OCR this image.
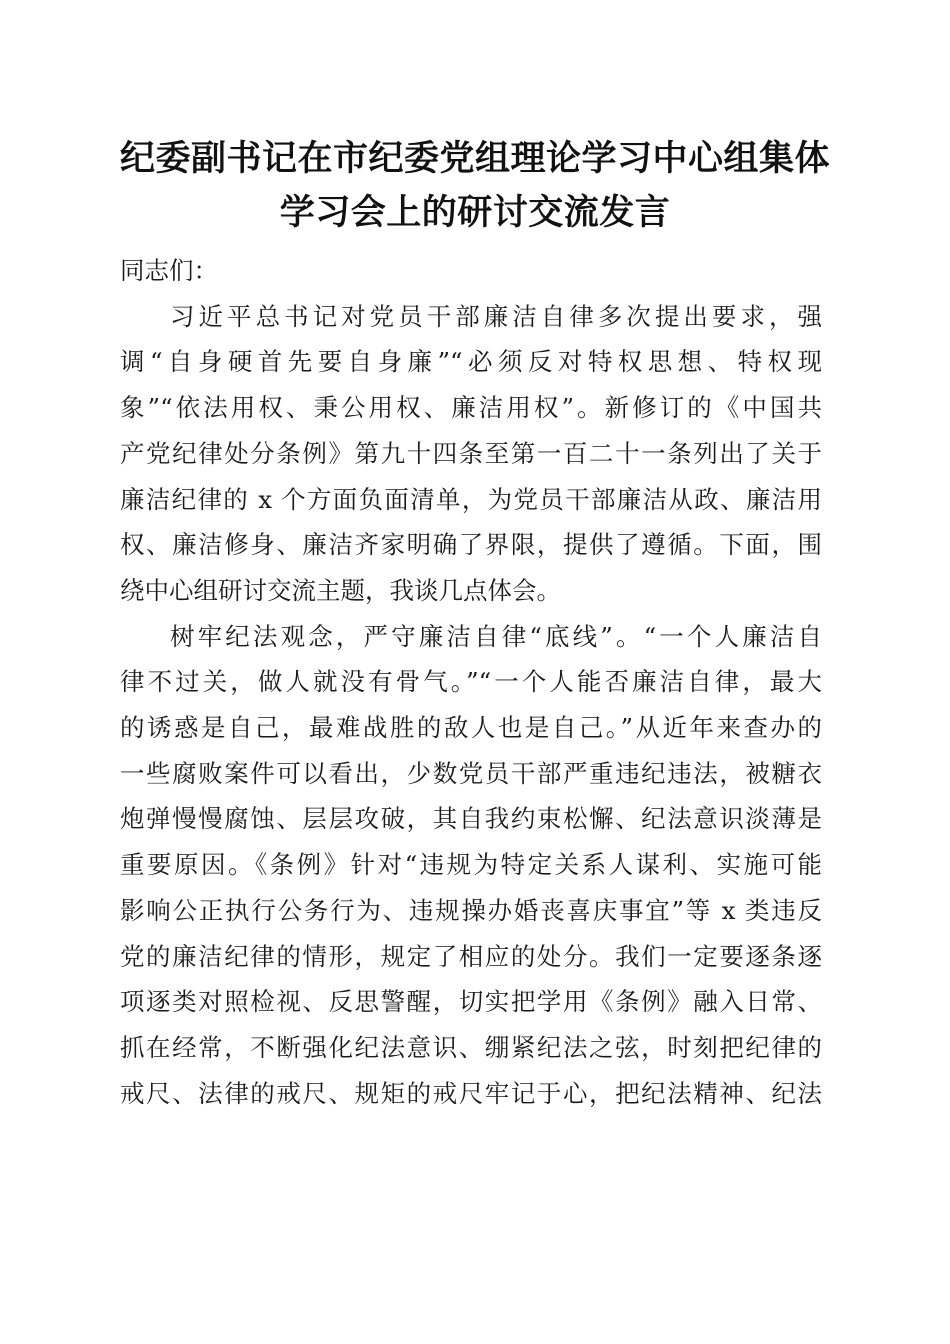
纪委副书记在市纪委党组理论学习中心组集体
学习会上的研讨交流发言

同志们：

习近平总书记对党员干部廉洁自律多次提出要求，强
调“自身硬首先要自身廉”“必须反对特权思想、特权现
象”“依法用权、秉公用权、廉洁用权”。新修订的《中国共
产党纪律处分条例》第九十四条至第一百二十一条列出了关于
廉洁纪律的 x 个方面负面清单，为党员干部廉洁从政、廉洁用
权、廉洁修身、廉洁齐家明确了界限，提供了遵循。下面，围
绕中心组研讨交流主题，我谈几点体会。

树牢纪法观念，严守廉洁自律“底线”。“一个人廉洁自
律不过关，做人就没有骨气。”“一个人能否廉洁自律，最大
的诱惑是自己，最难战胜的敌人也是自己。”从近年来查办的
一些腐败案件可以看出，少数党员干部严重违纪违法，被糖衣
炮弹慢慢腐蚀、层层攻破，其自我约束松懈、纪法意识淡薄是
重要原因。《条例》针对“违规为特定关系人谋利、实施可能
影响公正执行公务行为、违规操办婚丧喜庆事宜”等 x 类违反
党的廉洁纪律的情形，规定了相应的处分。我们一定要逐条逐
项逐类对照检视、反思警醒，切实把学用《条例》融入日常、
抓在经常，不断强化纪法意识、绷紧纪法之弦，时刻把纪律的
戒尺、法律的戒尺、规矩的戒尺牢记于心，把纪法精神、纪法
